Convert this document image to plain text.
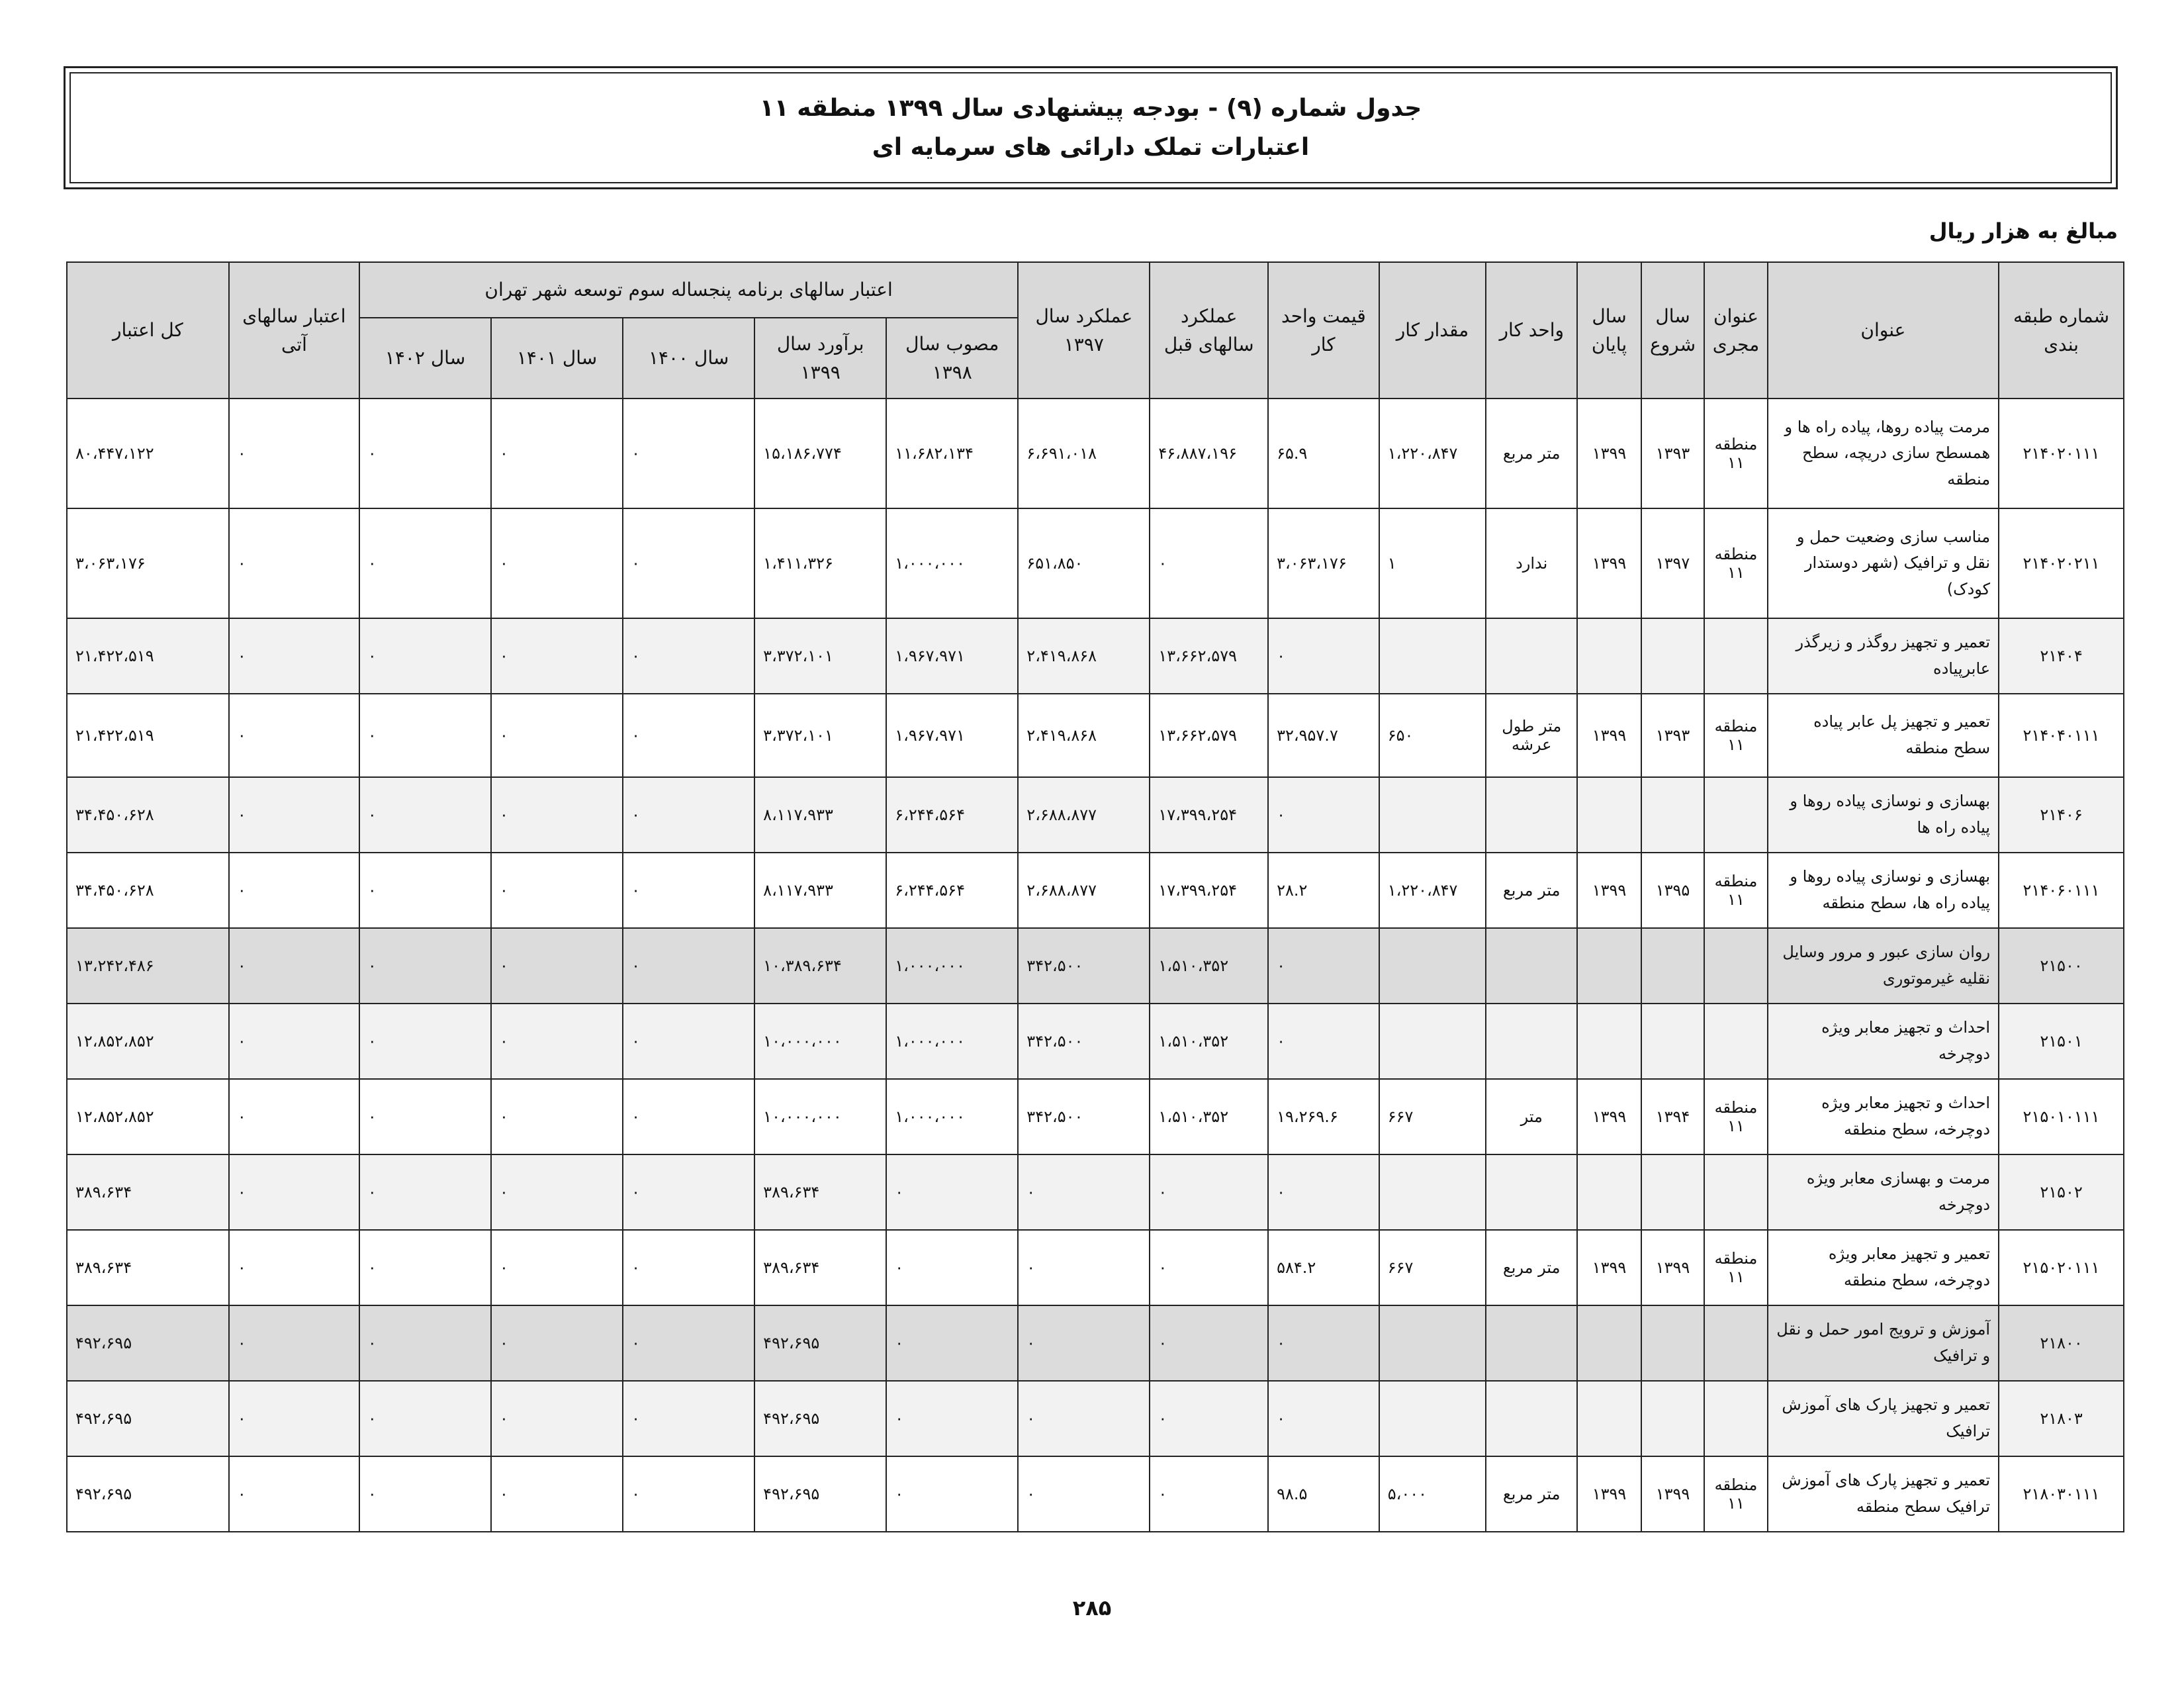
جدول شماره (۹) - بودجه پیشنهادی سال ۱۳۹۹ منطقه ۱۱
اعتبارات تملک دارائی های سرمایه ای
مبالغ به هزار ریال
شماره طبقه بندی	عنوان	عنوان مجری	سال شروع	سال پایان	واحد کار	مقدار کار	قیمت واحد کار	عملکرد سالهای قبل	عملکرد سال ۱۳۹۷	اعتبار سالهای برنامه پنجساله سوم توسعه شهر تهران					اعتبار سالهای آتی	کل اعتبار
										مصوب سال ۱۳۹۸	برآورد سال ۱۳۹۹	سال ۱۴۰۰	سال ۱۴۰۱	سال ۱۴۰۲		
۲۱۴۰۲۰۱۱۱	مرمت پیاده روها، پیاده راه ها و همسطح سازی دریچه، سطح منطقه	منطقه ۱۱	۱۳۹۳	۱۳۹۹	متر مربع	۱،۲۲۰،۸۴۷	۶۵.۹	۴۶،۸۸۷،۱۹۶	۶،۶۹۱،۰۱۸	۱۱،۶۸۲،۱۳۴	۱۵،۱۸۶،۷۷۴	۰	۰	۰	۰	۸۰،۴۴۷،۱۲۲
۲۱۴۰۲۰۲۱۱	مناسب سازی وضعیت حمل و نقل و ترافیک (شهر دوستدار کودک)	منطقه ۱۱	۱۳۹۷	۱۳۹۹	ندارد	۱	۳،۰۶۳،۱۷۶	۰	۶۵۱،۸۵۰	۱،۰۰۰،۰۰۰	۱،۴۱۱،۳۲۶	۰	۰	۰	۰	۳،۰۶۳،۱۷۶
۲۱۴۰۴	تعمیر و تجهیز روگذر و زیرگذر عابرپیاده						۰	۱۳،۶۶۲،۵۷۹	۲،۴۱۹،۸۶۸	۱،۹۶۷،۹۷۱	۳،۳۷۲،۱۰۱	۰	۰	۰	۰	۲۱،۴۲۲،۵۱۹
۲۱۴۰۴۰۱۱۱	تعمیر و تجهیز پل عابر پیاده سطح منطقه	منطقه ۱۱	۱۳۹۳	۱۳۹۹	متر طول عرشه	۶۵۰	۳۲،۹۵۷.۷	۱۳،۶۶۲،۵۷۹	۲،۴۱۹،۸۶۸	۱،۹۶۷،۹۷۱	۳،۳۷۲،۱۰۱	۰	۰	۰	۰	۲۱،۴۲۲،۵۱۹
۲۱۴۰۶	بهسازی و نوسازی پیاده روها و پیاده راه ها						۰	۱۷،۳۹۹،۲۵۴	۲،۶۸۸،۸۷۷	۶،۲۴۴،۵۶۴	۸،۱۱۷،۹۳۳	۰	۰	۰	۰	۳۴،۴۵۰،۶۲۸
۲۱۴۰۶۰۱۱۱	بهسازی و نوسازی پیاده روها و پیاده راه ها، سطح منطقه	منطقه ۱۱	۱۳۹۵	۱۳۹۹	متر مربع	۱،۲۲۰،۸۴۷	۲۸.۲	۱۷،۳۹۹،۲۵۴	۲،۶۸۸،۸۷۷	۶،۲۴۴،۵۶۴	۸،۱۱۷،۹۳۳	۰	۰	۰	۰	۳۴،۴۵۰،۶۲۸
۲۱۵۰۰	روان سازی عبور و مرور وسایل نقلیه غیرموتوری						۰	۱،۵۱۰،۳۵۲	۳۴۲،۵۰۰	۱،۰۰۰،۰۰۰	۱۰،۳۸۹،۶۳۴	۰	۰	۰	۰	۱۳،۲۴۲،۴۸۶
۲۱۵۰۱	احداث و تجهیز معابر ویژه دوچرخه						۰	۱،۵۱۰،۳۵۲	۳۴۲،۵۰۰	۱،۰۰۰،۰۰۰	۱۰،۰۰۰،۰۰۰	۰	۰	۰	۰	۱۲،۸۵۲،۸۵۲
۲۱۵۰۱۰۱۱۱	احداث و تجهیز معابر ویژه دوچرخه، سطح منطقه	منطقه ۱۱	۱۳۹۴	۱۳۹۹	متر	۶۶۷	۱۹،۲۶۹.۶	۱،۵۱۰،۳۵۲	۳۴۲،۵۰۰	۱،۰۰۰،۰۰۰	۱۰،۰۰۰،۰۰۰	۰	۰	۰	۰	۱۲،۸۵۲،۸۵۲
۲۱۵۰۲	مرمت و بهسازی معابر ویژه دوچرخه						۰	۰	۰	۰	۳۸۹،۶۳۴	۰	۰	۰	۰	۳۸۹،۶۳۴
۲۱۵۰۲۰۱۱۱	تعمیر و تجهیز معابر ویژه دوچرخه، سطح منطقه	منطقه ۱۱	۱۳۹۹	۱۳۹۹	متر مربع	۶۶۷	۵۸۴.۲	۰	۰	۰	۳۸۹،۶۳۴	۰	۰	۰	۰	۳۸۹،۶۳۴
۲۱۸۰۰	آموزش و ترویج امور حمل و نقل و ترافیک						۰	۰	۰	۰	۴۹۲،۶۹۵	۰	۰	۰	۰	۴۹۲،۶۹۵
۲۱۸۰۳	تعمیر و تجهیز پارک های آموزش ترافیک						۰	۰	۰	۰	۴۹۲،۶۹۵	۰	۰	۰	۰	۴۹۲،۶۹۵
۲۱۸۰۳۰۱۱۱	تعمیر و تجهیز پارک های آموزش ترافیک سطح منطقه	منطقه ۱۱	۱۳۹۹	۱۳۹۹	متر مربع	۵،۰۰۰	۹۸.۵	۰	۰	۰	۴۹۲،۶۹۵	۰	۰	۰	۰	۴۹۲،۶۹۵
۲۸۵
